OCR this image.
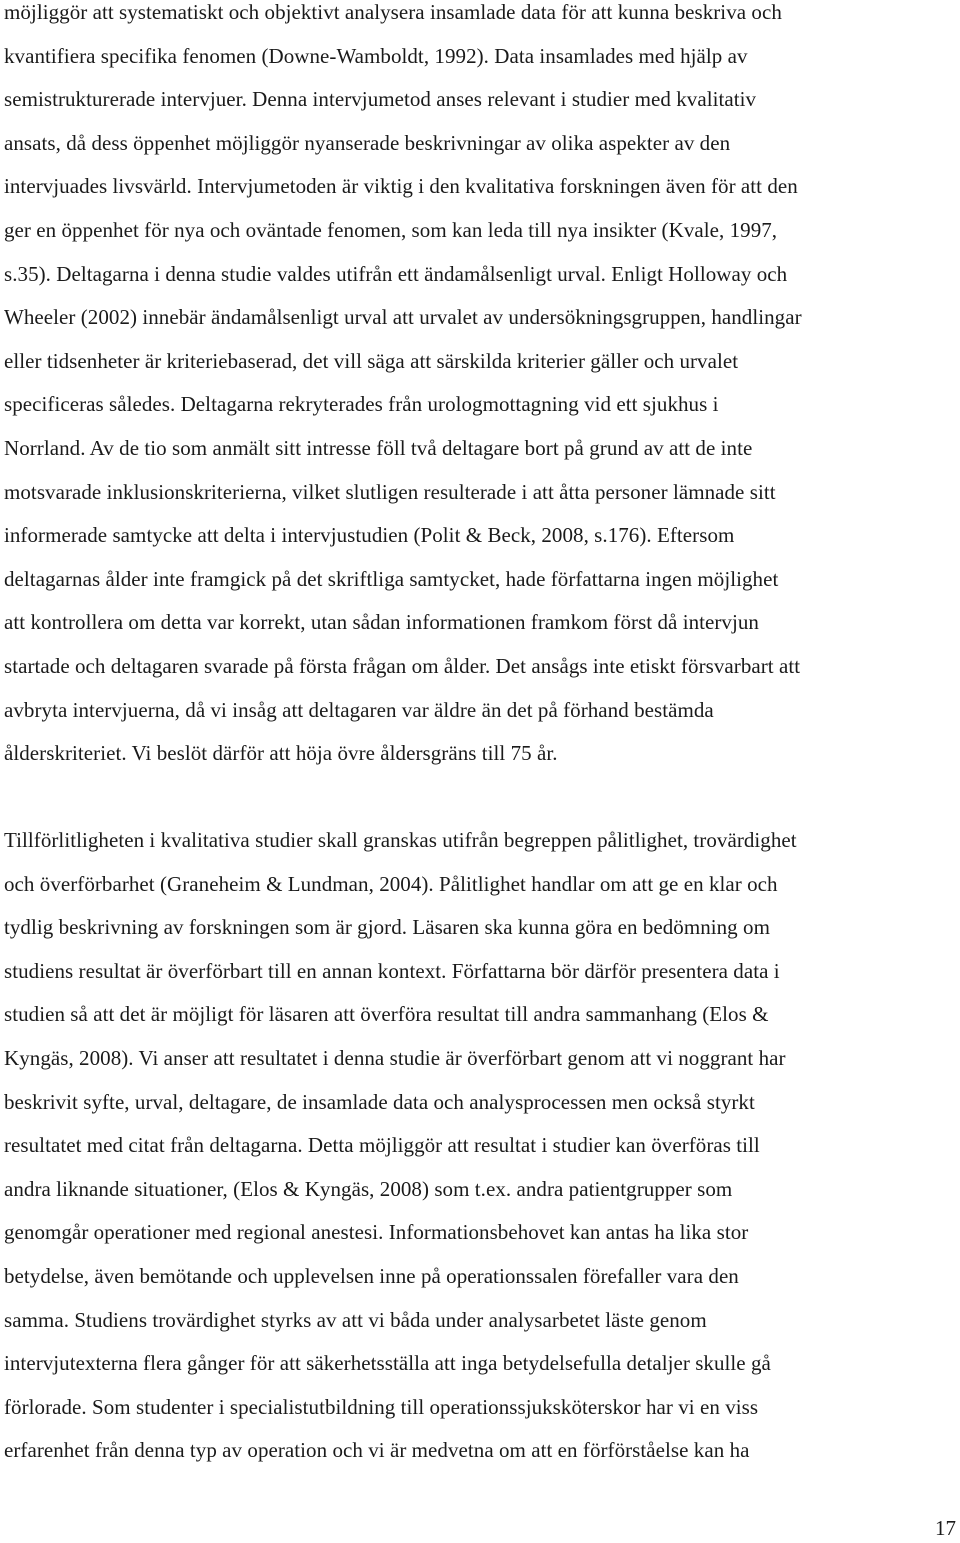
möjliggör att systematiskt och objektivt analysera insamlade data för att kunna beskriva och
kvantifiera specifika fenomen (Downe-Wamboldt, 1992). Data insamlades med hjälp av
semistrukturerade intervjuer. Denna intervjumetod anses relevant i studier med kvalitativ
ansats, då dess öppenhet möjliggör nyanserade beskrivningar av olika aspekter av den
intervjuades livsvärld. Intervjumetoden är viktig i den kvalitativa forskningen även för att den
ger en öppenhet för nya och oväntade fenomen, som kan leda till nya insikter (Kvale, 1997,
s.35). Deltagarna i denna studie valdes utifrån ett ändamålsenligt urval. Enligt Holloway och
Wheeler (2002) innebär ändamålsenligt urval att urvalet av undersökningsgruppen, handlingar
eller tidsenheter är kriteriebaserad, det vill säga att särskilda kriterier gäller och urvalet
specificeras således. Deltagarna rekryterades från urologmottagning vid ett sjukhus i
Norrland. Av de tio som anmält sitt intresse föll två deltagare bort på grund av att de inte
motsvarade inklusionskriterierna, vilket slutligen resulterade i att åtta personer lämnade sitt
informerade samtycke att delta i intervjustudien (Polit & Beck, 2008, s.176). Eftersom
deltagarnas ålder inte framgick på det skriftliga samtycket, hade författarna ingen möjlighet
att kontrollera om detta var korrekt, utan sådan informationen framkom först då intervjun
startade och deltagaren svarade på första frågan om ålder. Det ansågs inte etiskt försvarbart att
avbryta intervjuerna, då vi insåg att deltagaren var äldre än det på förhand bestämda
ålderskriteriet. Vi beslöt därför att höja övre åldersgräns till 75 år.
Tillförlitligheten i kvalitativa studier skall granskas utifrån begreppen pålitlighet, trovärdighet
och överförbarhet (Graneheim & Lundman, 2004). Pålitlighet handlar om att ge en klar och
tydlig beskrivning av forskningen som är gjord. Läsaren ska kunna göra en bedömning om
studiens resultat är överförbart till en annan kontext. Författarna bör därför presentera data i
studien så att det är möjligt för läsaren att överföra resultat till andra sammanhang (Elos &
Kyngäs, 2008). Vi anser att resultatet i denna studie är överförbart genom att vi noggrant har
beskrivit syfte, urval, deltagare, de insamlade data och analysprocessen men också styrkt
resultatet med citat från deltagarna. Detta möjliggör att resultat i studier kan överföras till
andra liknande situationer, (Elos & Kyngäs, 2008) som t.ex. andra patientgrupper som
genomgår operationer med regional anestesi. Informationsbehovet kan antas ha lika stor
betydelse, även bemötande och upplevelsen inne på operationssalen förefaller vara den
samma. Studiens trovärdighet styrks av att vi båda under analysarbetet läste genom
intervjutexterna flera gånger för att säkerhetsställa att inga betydelsefulla detaljer skulle gå
förlorade. Som studenter i specialistutbildning till operationssjuksköterskor har vi en viss
erfarenhet från denna typ av operation och vi är medvetna om att en förförståelse kan ha
17
